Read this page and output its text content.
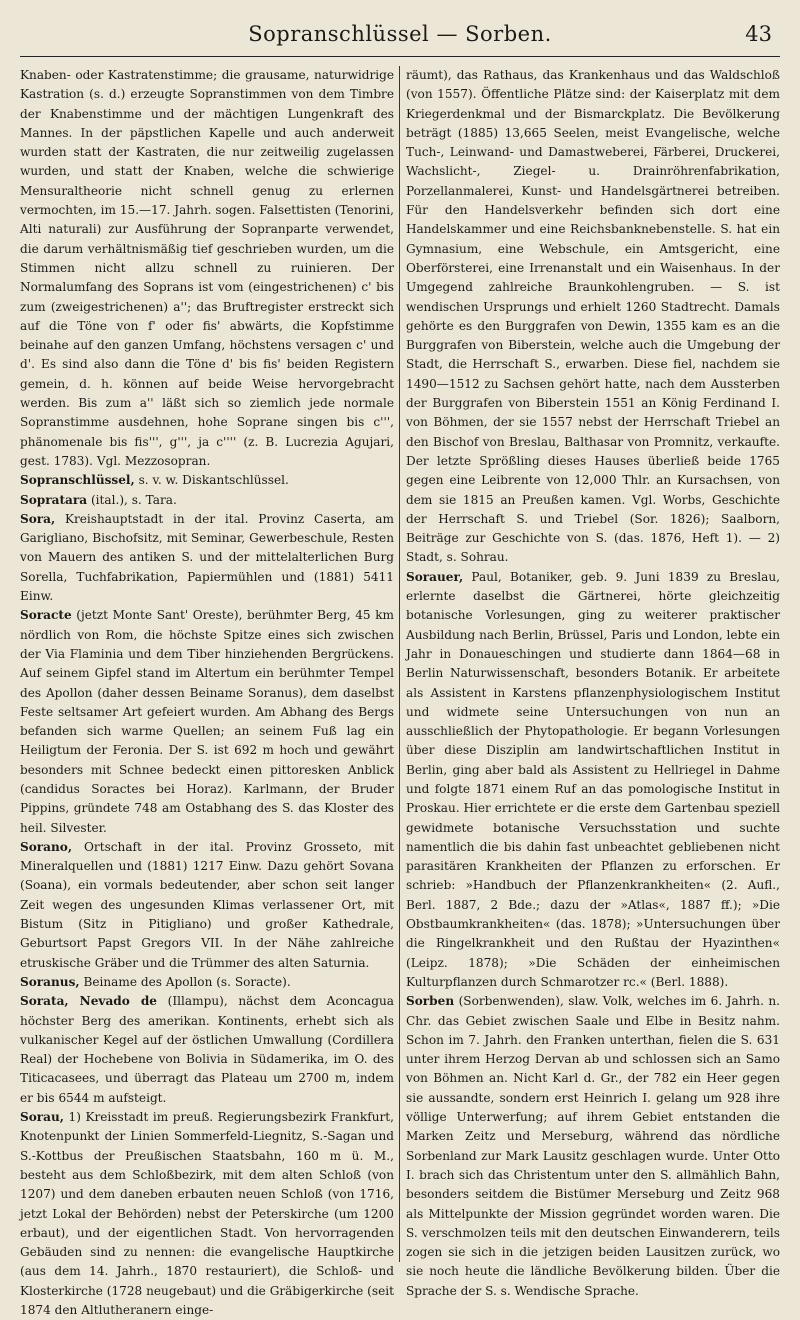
Sopranschlüssel — Sorben.	43

Knaben- oder Kastratenstimme; die grausame, naturwidrige Kastration (s. d.) erzeugte Sopranstimmen von dem Timbre der Knabenstimme und der mächtigen Lungenkraft des Mannes. In der päpstlichen Kapelle und auch anderweit wurden statt der Kastraten, die nur zeitweilig zugelassen wurden, und statt der Knaben, welche die schwierige Mensuraltheorie nicht schnell genug zu erlernen vermochten, im 15.—17. Jahrh. sogen. Falsettisten (Tenorini, Alti naturali) zur Ausführung der Sopranparte verwendet, die darum verhältnismäßig tief geschrieben wurden, um die Stimmen nicht allzu schnell zu ruinieren. Der Normalumfang des Soprans ist vom (eingestrichenen) c' bis zum (zweigestrichenen) a''; das Bruftregister erstreckt sich auf die Töne von f' oder fis' abwärts, die Kopfstimme beinahe auf den ganzen Umfang, höchstens versagen c' und d'. Es sind also dann die Töne d' bis fis' beiden Registern gemein, d. h. können auf beide Weise hervorgebracht werden. Bis zum a'' läßt sich so ziemlich jede normale Sopranstimme ausdehnen, hohe Soprane singen bis c''', phänomenale bis fis''', g''', ja c'''' (z. B. Lucrezia Agujari, gest. 1783). Vgl. Mezzosopran.

Sopranschlüssel, s. v. w. Diskantschlüssel.

Sopratara (ital.), s. Tara.

Sora, Kreishauptstadt in der ital. Provinz Caserta, am Garigliano, Bischofsitz, mit Seminar, Gewerbeschule, Resten von Mauern des antiken S. und der mittelalterlichen Burg Sorella, Tuchfabrikation, Papiermühlen und (1881) 5411 Einw.

Soracte (jetzt Monte Sant' Oreste), berühmter Berg, 45 km nördlich von Rom, die höchste Spitze eines sich zwischen der Via Flaminia und dem Tiber hinziehenden Bergrückens. Auf seinem Gipfel stand im Altertum ein berühmter Tempel des Apollon (daher dessen Beiname Soranus), dem daselbst Feste seltsamer Art gefeiert wurden. Am Abhang des Bergs befanden sich warme Quellen; an seinem Fuß lag ein Heiligtum der Feronia. Der S. ist 692 m hoch und gewährt besonders mit Schnee bedeckt einen pittoresken Anblick (candidus Soractes bei Horaz). Karlmann, der Bruder Pippins, gründete 748 am Ostabhang des S. das Kloster des heil. Silvester.

Sorano, Ortschaft in der ital. Provinz Grosseto, mit Mineralquellen und (1881) 1217 Einw. Dazu gehört Sovana (Soana), ein vormals bedeutender, aber schon seit langer Zeit wegen des ungesunden Klimas verlassener Ort, mit Bistum (Sitz in Pitigliano) und großer Kathedrale, Geburtsort Papst Gregors VII. In der Nähe zahlreiche etruskische Gräber und die Trümmer des alten Saturnia.

Soranus, Beiname des Apollon (s. Soracte).

Sorata, Nevado de (Illampu), nächst dem Aconcagua höchster Berg des amerikan. Kontinents, erhebt sich als vulkanischer Kegel auf der östlichen Umwallung (Cordillera Real) der Hochebene von Bolivia in Südamerika, im O. des Titicacasees, und überragt das Plateau um 2700 m, indem er bis 6544 m aufsteigt.

Sorau, 1) Kreisstadt im preuß. Regierungsbezirk Frankfurt, Knotenpunkt der Linien Sommerfeld-Liegnitz, S.-Sagan und S.-Kottbus der Preußischen Staatsbahn, 160 m ü. M., besteht aus dem Schloßbezirk, mit dem alten Schloß (von 1207) und dem daneben erbauten neuen Schloß (von 1716, jetzt Lokal der Behörden) nebst der Peterskirche (um 1200 erbaut), und der eigentlichen Stadt. Von hervorragenden Gebäuden sind zu nennen: die evangelische Hauptkirche (aus dem 14. Jahrh., 1870 restauriert), die Schloß- und Klosterkirche (1728 neugebaut) und die Gräbigerkirche (seit 1874 den Altlutheranern einge-

räumt), das Rathaus, das Krankenhaus und das Waldschloß (von 1557). Öffentliche Plätze sind: der Kaiserplatz mit dem Kriegerdenkmal und der Bismarckplatz. Die Bevölkerung beträgt (1885) 13,665 Seelen, meist Evangelische, welche Tuch-, Leinwand- und Damastweberei, Färberei, Druckerei, Wachslicht-, Ziegel- u. Drainröhrenfabrikation, Porzellanmalerei, Kunst- und Handelsgärtnerei betreiben. Für den Handelsverkehr befinden sich dort eine Handelskammer und eine Reichsbanknebenstelle. S. hat ein Gymnasium, eine Webschule, ein Amtsgericht, eine Oberförsterei, eine Irrenanstalt und ein Waisenhaus. In der Umgegend zahlreiche Braunkohlengruben. — S. ist wendischen Ursprungs und erhielt 1260 Stadtrecht. Damals gehörte es den Burggrafen von Dewin, 1355 kam es an die Burggrafen von Biberstein, welche auch die Umgebung der Stadt, die Herrschaft S., erwarben. Diese fiel, nachdem sie 1490—1512 zu Sachsen gehört hatte, nach dem Aussterben der Burggrafen von Biberstein 1551 an König Ferdinand I. von Böhmen, der sie 1557 nebst der Herrschaft Triebel an den Bischof von Breslau, Balthasar von Promnitz, verkaufte. Der letzte Sprößling dieses Hauses überließ beide 1765 gegen eine Leibrente von 12,000 Thlr. an Kursachsen, von dem sie 1815 an Preußen kamen. Vgl. Worbs, Geschichte der Herrschaft S. und Triebel (Sor. 1826); Saalborn, Beiträge zur Geschichte von S. (das. 1876, Heft 1). — 2) Stadt, s. Sohrau.

Sorauer, Paul, Botaniker, geb. 9. Juni 1839 zu Breslau, erlernte daselbst die Gärtnerei, hörte gleichzeitig botanische Vorlesungen, ging zu weiterer praktischer Ausbildung nach Berlin, Brüssel, Paris und London, lebte ein Jahr in Donaueschingen und studierte dann 1864—68 in Berlin Naturwissenschaft, besonders Botanik. Er arbeitete als Assistent in Karstens pflanzenphysiologischem Institut und widmete seine Untersuchungen von nun an ausschließlich der Phytopathologie. Er begann Vorlesungen über diese Disziplin am landwirtschaftlichen Institut in Berlin, ging aber bald als Assistent zu Hellriegel in Dahme und folgte 1871 einem Ruf an das pomologische Institut in Proskau. Hier errichtete er die erste dem Gartenbau speziell gewidmete botanische Versuchsstation und suchte namentlich die bis dahin fast unbeachtet gebliebenen nicht parasitären Krankheiten der Pflanzen zu erforschen. Er schrieb: »Handbuch der Pflanzenkrankheiten« (2. Aufl., Berl. 1887, 2 Bde.; dazu der »Atlas«, 1887 ff.); »Die Obstbaumkrankheiten« (das. 1878); »Untersuchungen über die Ringelkrankheit und den Rußtau der Hyazinthen« (Leipz. 1878); »Die Schäden der einheimischen Kulturpflanzen durch Schmarotzer rc.« (Berl. 1888).

Sorben (Sorbenwenden), slaw. Volk, welches im 6. Jahrh. n. Chr. das Gebiet zwischen Saale und Elbe in Besitz nahm. Schon im 7. Jahrh. den Franken unterthan, fielen die S. 631 unter ihrem Herzog Dervan ab und schlossen sich an Samo von Böhmen an. Nicht Karl d. Gr., der 782 ein Heer gegen sie aussandte, sondern erst Heinrich I. gelang um 928 ihre völlige Unterwerfung; auf ihrem Gebiet entstanden die Marken Zeitz und Merseburg, während das nördliche Sorbenland zur Mark Lausitz geschlagen wurde. Unter Otto I. brach sich das Christentum unter den S. allmählich Bahn, besonders seitdem die Bistümer Merseburg und Zeitz 968 als Mittelpunkte der Mission gegründet worden waren. Die S. verschmolzen teils mit den deutschen Einwanderern, teils zogen sie sich in die jetzigen beiden Lausitzen zurück, wo sie noch heute die ländliche Bevölkerung bilden. Über die Sprache der S. s. Wendische Sprache.
